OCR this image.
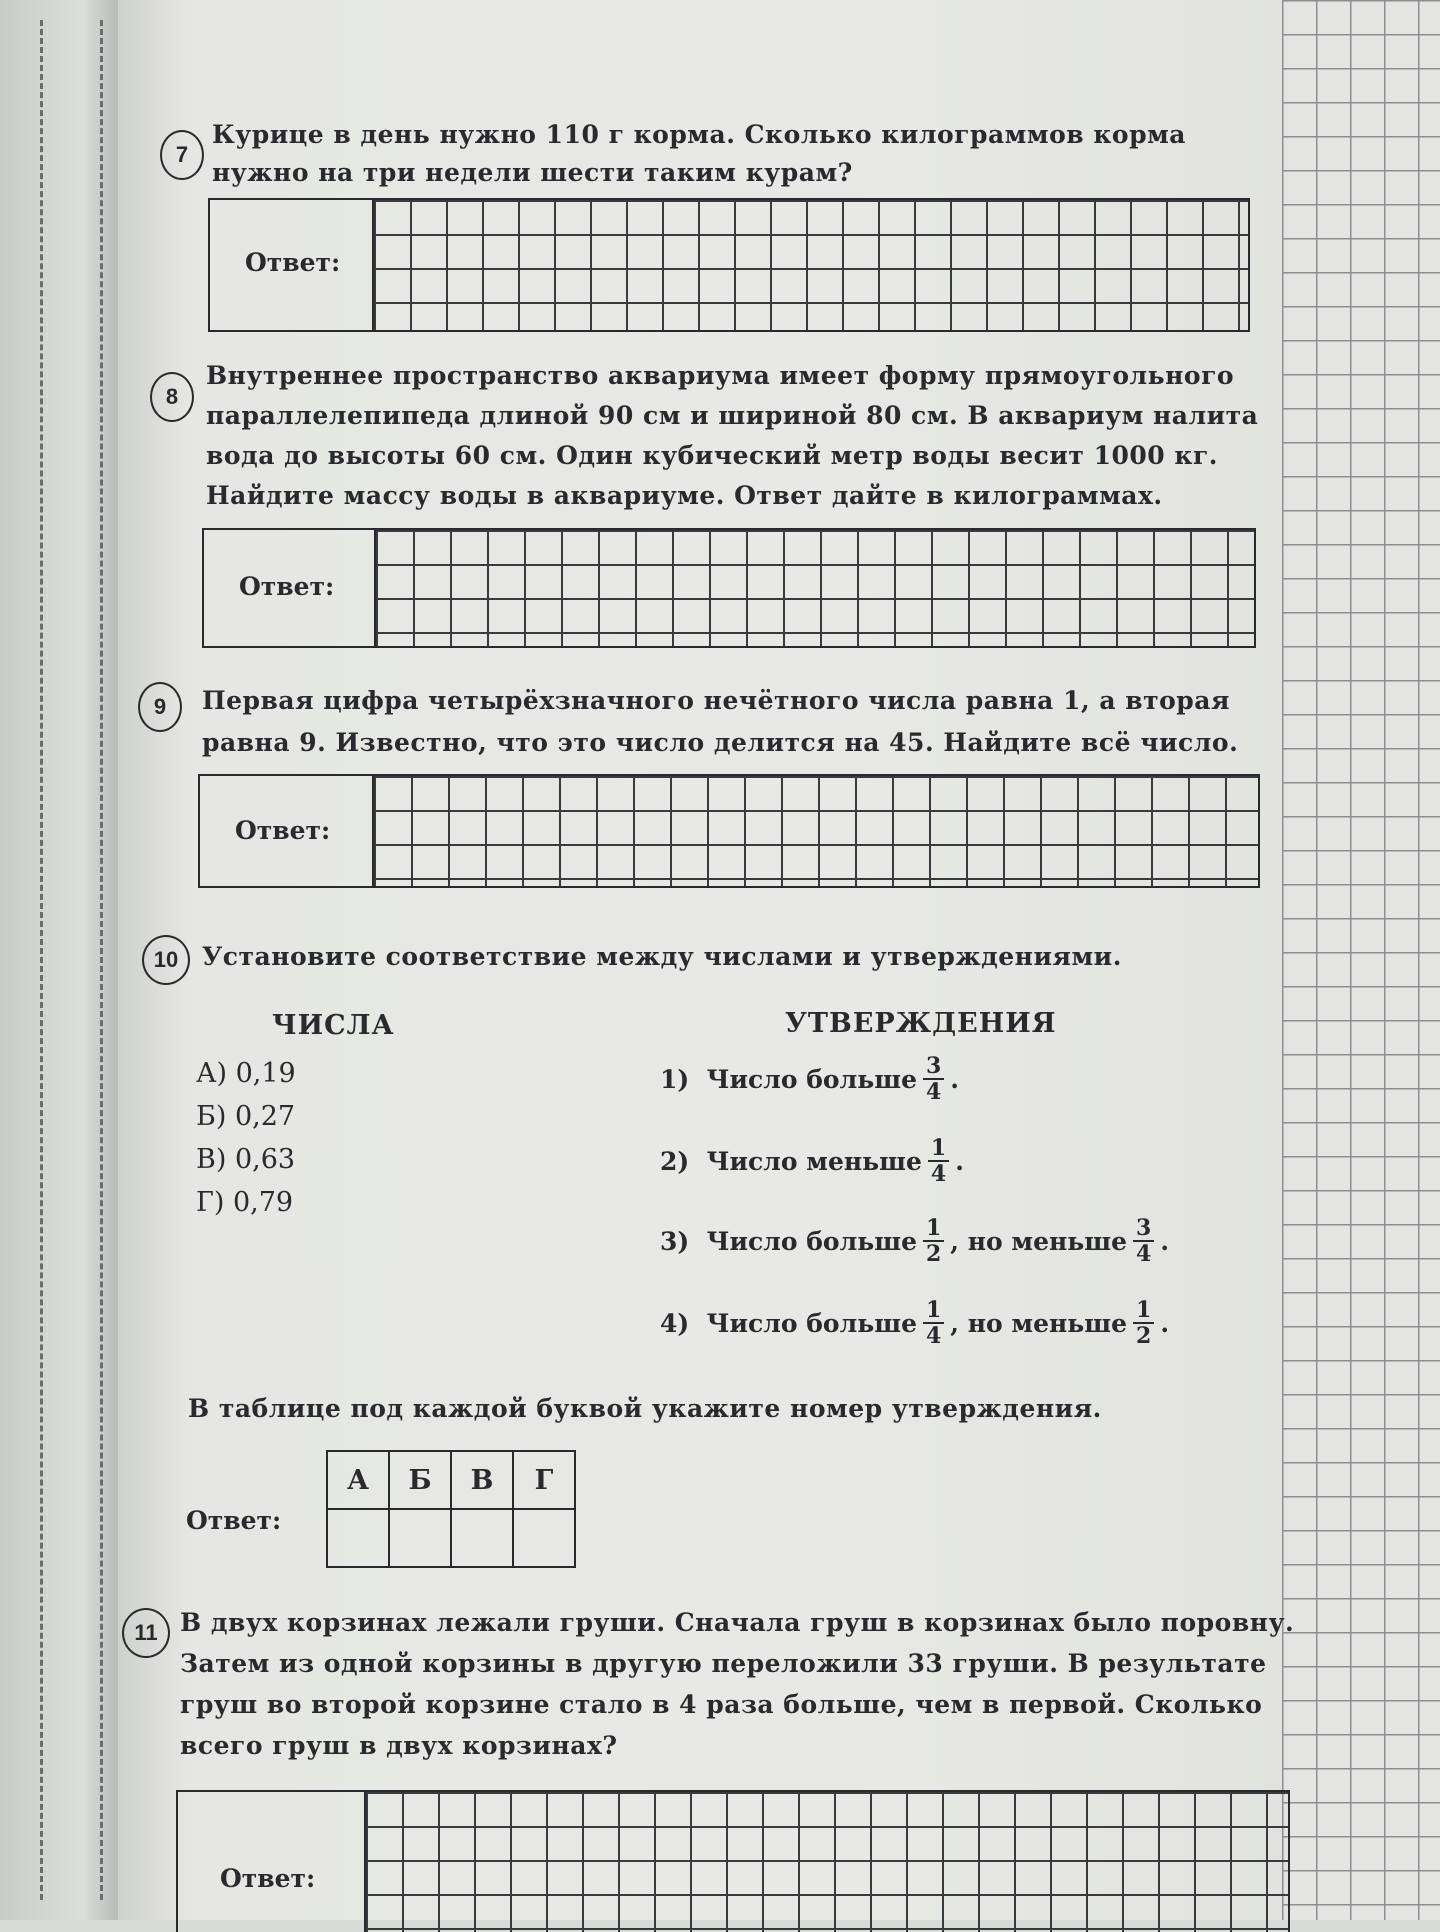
7
Курице в день нужно 110 г корма. Сколько килограммов корма нужно на три недели шести таким курам?
Ответ:
8
Внутреннее пространство аквариума имеет форму прямоугольного параллелепипеда длиной 90 см и шириной 80 см. В аквариум налита вода до высоты 60 см. Один кубический метр воды весит 1000 кг. Найдите массу воды в аквариуме. Ответ дайте в килограммах.
Ответ:
9	Первая цифра четырёхзначного нечётного числа равна 1, а вторая равна 9. Известно, что это число делится на 45. Найдите всё число.
Ответ:
10 Установите соответствие между числами и утверждениями.
ЧИСЛА	УТВЕРЖДЕНИЯ
А) 0,19
Б) 0,27
В) 0,63
Г) 0,79
1)
Число больше $\frac{3}{4}$ .
2)
Число меньше $\frac{1}{4}$ .
3)
Число больше $\frac{1}{2}$ , но меньше $\frac{3}{4}$ .
4)
Число больше $\frac{1}{4}$ , но меньше $\frac{1}{2}$ .
В таблице под каждой буквой укажите номер утверждения.
Ответ:
А	Б	В	Г

11 В двух корзинах лежали груши. Сначала груш в корзинах было поровну. Затем из одной корзины в другую переложили 33 груши. В результате груш во второй корзине стало в 4 раза больше, чем в первой. Сколько всего груш в двух корзинах?
Ответ:
